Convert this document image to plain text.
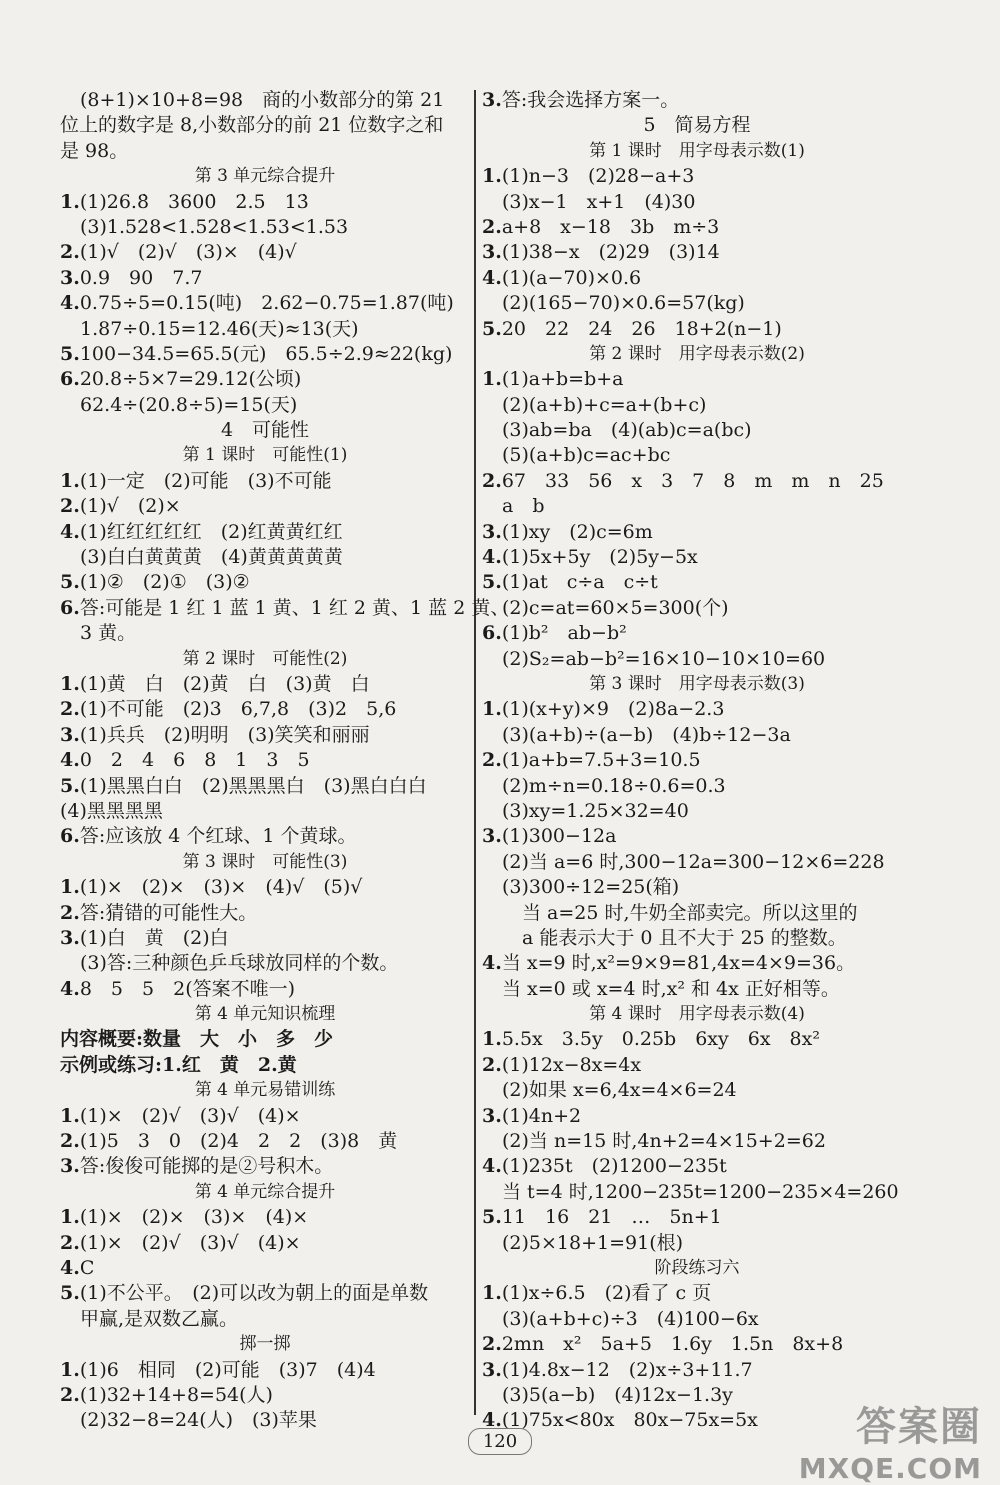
(8+1)×10+8=98　商的小数部分的第 21
位上的数字是 8,小数部分的前 21 位数字之和
是 98。
第 3 单元综合提升
1.(1)26.8̇　3600̇　2̇.5　13̇
(3)1.528<1.528<1.53<1.53
2.(1)√　(2)√　(3)×　(4)√
3.0.9　90　7.7
4.0.75÷5=0.15(吨)　2.62−0.75=1.87(吨)
1.87÷0.15=12.46(天)≈13(天)
5.100−34.5=65.5(元)　65.5÷2.9≈22(kg)
6.20.8÷5×7=29.12(公顷)
62.4÷(20.8÷5)=15(天)
4　可能性
第 1 课时　可能性(1)
1.(1)一定　(2)可能　(3)不可能
2.(1)√　(2)×
4.(1)红红红红红　(2)红黄黄红红
(3)白白黄黄黄　(4)黄黄黄黄黄
5.(1)②　(2)①　(3)②
6.答:可能是 1 红 1 蓝 1 黄、1 红 2 黄、1 蓝 2 黄、
3 黄。
第 2 课时　可能性(2)
1.(1)黄　白　(2)黄　白　(3)黄　白
2.(1)不可能　(2)3　6,7,8　(3)2　5,6
3.(1)兵兵　(2)明明　(3)笑笑和丽丽
4.0　2　4　6　8　1　3　5
5.(1)黑黑白白　(2)黑黑黑白　(3)黑白白白
(4)黑黑黑黑
6.答:应该放 4 个红球、1 个黄球。
第 3 课时　可能性(3)
1.(1)×　(2)×　(3)×　(4)√　(5)√
2.答:猜错的可能性大。
3.(1)白　黄　(2)白
(3)答:三种颜色乒乓球放同样的个数。
4.8　5　5　2(答案不唯一)
第 4 单元知识梳理
内容概要:数量　大　小　多　少
示例或练习:1.红　黄　2.黄
第 4 单元易错训练
1.(1)×　(2)√　(3)√　(4)×
2.(1)5　3　0　(2)4　2　2　(3)8　黄
3.答:俊俊可能掷的是②号积木。
第 4 单元综合提升
1.(1)×　(2)×　(3)×　(4)×
2.(1)×　(2)√　(3)√　(4)×
4.C
5.(1)不公平。　(2)可以改为朝上的面是单数
甲赢,是双数乙赢。
掷一掷
1.(1)6　相同　(2)可能　(3)7　(4)4
2.(1)32+14+8=54(人)
(2)32−8=24(人)　(3)苹果
3.答:我会选择方案一。
5　简易方程
第 1 课时　用字母表示数(1)
1.(1)n−3　(2)28−a+3
(3)x−1　x+1　(4)30
2.a+8　x−18　3b　m÷3
3.(1)38−x　(2)29　(3)14
4.(1)(a−70)×0.6
(2)(165−70)×0.6=57(kg)
5.20　22　24　26　18+2(n−1)
第 2 课时　用字母表示数(2)
1.(1)a+b=b+a
(2)(a+b)+c=a+(b+c)
(3)ab=ba　(4)(ab)c=a(bc)
(5)(a+b)c=ac+bc
2.67　33　56　x　3　7　8　m　m　n　25
a　b
3.(1)xy　(2)c=6m
4.(1)5x+5y　(2)5y−5x
5.(1)at　c÷a　c÷t
(2)c=at=60×5=300(个)
6.(1)b²　ab−b²
(2)S₂=ab−b²=16×10−10×10=60
第 3 课时　用字母表示数(3)
1.(1)(x+y)×9　(2)8a−2.3
(3)(a+b)÷(a−b)　(4)b÷12−3a
2.(1)a+b=7.5+3=10.5
(2)m÷n=0.18÷0.6=0.3
(3)xy=1.25×32=40
3.(1)300−12a
(2)当 a=6 时,300−12a=300−12×6=228
(3)300÷12=25(箱)
当 a=25 时,牛奶全部卖完。所以这里的
a 能表示大于 0 且不大于 25 的整数。
4.当 x=9 时,x²=9×9=81,4x=4×9=36。
当 x=0 或 x=4 时,x² 和 4x 正好相等。
第 4 课时　用字母表示数(4)
1.5.5x　3.5y　0.25b　6xy　6x　8x²
2.(1)12x−8x=4x
(2)如果 x=6,4x=4×6=24
3.(1)4n+2
(2)当 n=15 时,4n+2=4×15+2=62
4.(1)235t　(2)1200−235t
当 t=4 时,1200−235t=1200−235×4=260
5.11　16　21　…　5n+1
(2)5×18+1=91(根)
阶段练习六
1.(1)x÷6.5　(2)看了 c 页
(3)(a+b+c)÷3　(4)100−6x
2.2mn　x²　5a+5　1.6y　1.5n　8x+8
3.(1)4.8x−12　(2)x÷3+11.7
(3)5(a−b)　(4)12x−1.3y
4.(1)75x<80x　80x−75x=5x
120	答案圈
MXQE.COM
